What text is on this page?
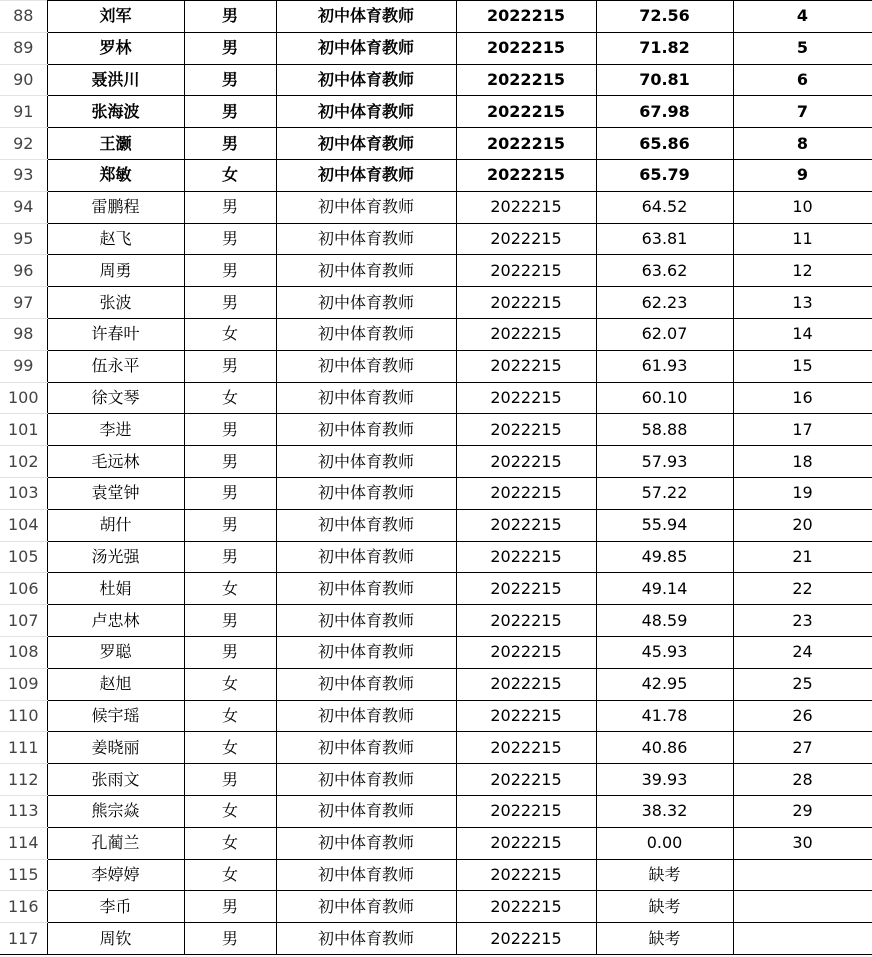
88	刘军	男	初中体育教师	2022215	72.56	4
89	罗林	男	初中体育教师	2022215	71.82	5
90	聂洪川	男	初中体育教师	2022215	70.81	6
91	张海波	男	初中体育教师	2022215	67.98	7
92	王灏	男	初中体育教师	2022215	65.86	8
93	郑敏	女	初中体育教师	2022215	65.79	9
94	雷鹏程	男	初中体育教师	2022215	64.52	10
95	赵飞	男	初中体育教师	2022215	63.81	11
96	周勇	男	初中体育教师	2022215	63.62	12
97	张波	男	初中体育教师	2022215	62.23	13
98	许春叶	女	初中体育教师	2022215	62.07	14
99	伍永平	男	初中体育教师	2022215	61.93	15
100	徐文琴	女	初中体育教师	2022215	60.10	16
101	李进	男	初中体育教师	2022215	58.88	17
102	毛远林	男	初中体育教师	2022215	57.93	18
103	袁堂钟	男	初中体育教师	2022215	57.22	19
104	胡什	男	初中体育教师	2022215	55.94	20
105	汤光强	男	初中体育教师	2022215	49.85	21
106	杜娟	女	初中体育教师	2022215	49.14	22
107	卢忠林	男	初中体育教师	2022215	48.59	23
108	罗聪	男	初中体育教师	2022215	45.93	24
109	赵旭	女	初中体育教师	2022215	42.95	25
110	候宇瑶	女	初中体育教师	2022215	41.78	26
111	姜晓丽	女	初中体育教师	2022215	40.86	27
112	张雨文	男	初中体育教师	2022215	39.93	28
113	熊宗焱	女	初中体育教师	2022215	38.32	29
114	孔蔺兰	女	初中体育教师	2022215	0.00	30
115	李婷婷	女	初中体育教师	2022215	缺考	
116	李币	男	初中体育教师	2022215	缺考	
117	周钦	男	初中体育教师	2022215	缺考	
